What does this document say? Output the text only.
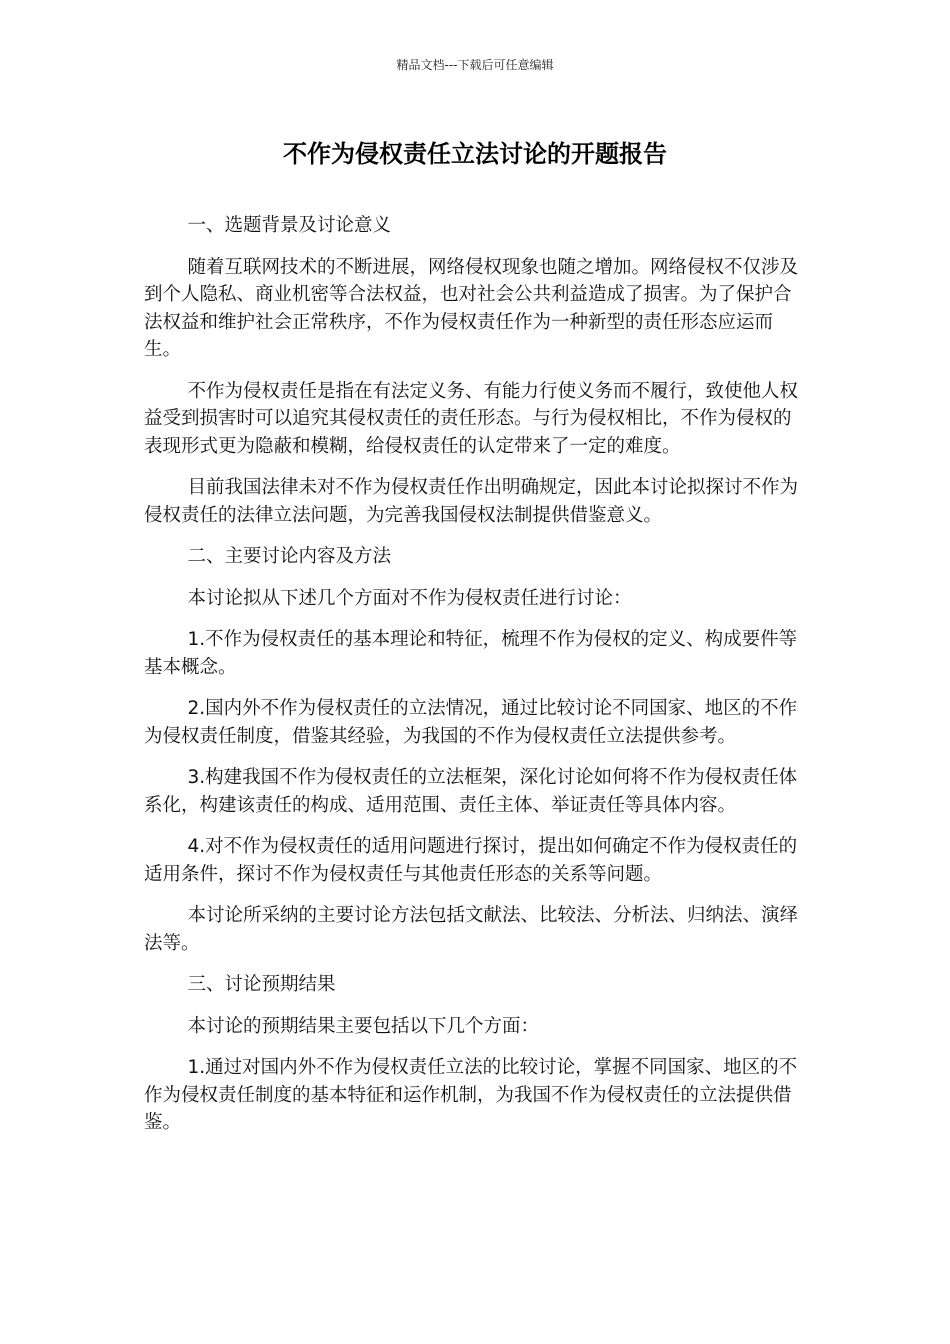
精品文档---下载后可任意编辑
不作为侵权责任立法讨论的开题报告

一、选题背景及讨论意义

随着互联网技术的不断进展，网络侵权现象也随之增加。网络侵权不仅涉及到个人隐私、商业机密等合法权益，也对社会公共利益造成了损害。为了保护合法权益和维护社会正常秩序，不作为侵权责任作为一种新型的责任形态应运而生。

不作为侵权责任是指在有法定义务、有能力行使义务而不履行，致使他人权益受到损害时可以追究其侵权责任的责任形态。与行为侵权相比，不作为侵权的表现形式更为隐蔽和模糊，给侵权责任的认定带来了一定的难度。

目前我国法律未对不作为侵权责任作出明确规定，因此本讨论拟探讨不作为侵权责任的法律立法问题，为完善我国侵权法制提供借鉴意义。

二、主要讨论内容及方法

本讨论拟从下述几个方面对不作为侵权责任进行讨论：

1.不作为侵权责任的基本理论和特征，梳理不作为侵权的定义、构成要件等基本概念。

2.国内外不作为侵权责任的立法情况，通过比较讨论不同国家、地区的不作为侵权责任制度，借鉴其经验，为我国的不作为侵权责任立法提供参考。

3.构建我国不作为侵权责任的立法框架，深化讨论如何将不作为侵权责任体系化，构建该责任的构成、适用范围、责任主体、举证责任等具体内容。

4.对不作为侵权责任的适用问题进行探讨，提出如何确定不作为侵权责任的适用条件，探讨不作为侵权责任与其他责任形态的关系等问题。

本讨论所采纳的主要讨论方法包括文献法、比较法、分析法、归纳法、演绎法等。

三、讨论预期结果

本讨论的预期结果主要包括以下几个方面：

1.通过对国内外不作为侵权责任立法的比较讨论，掌握不同国家、地区的不作为侵权责任制度的基本特征和运作机制，为我国不作为侵权责任的立法提供借鉴。
